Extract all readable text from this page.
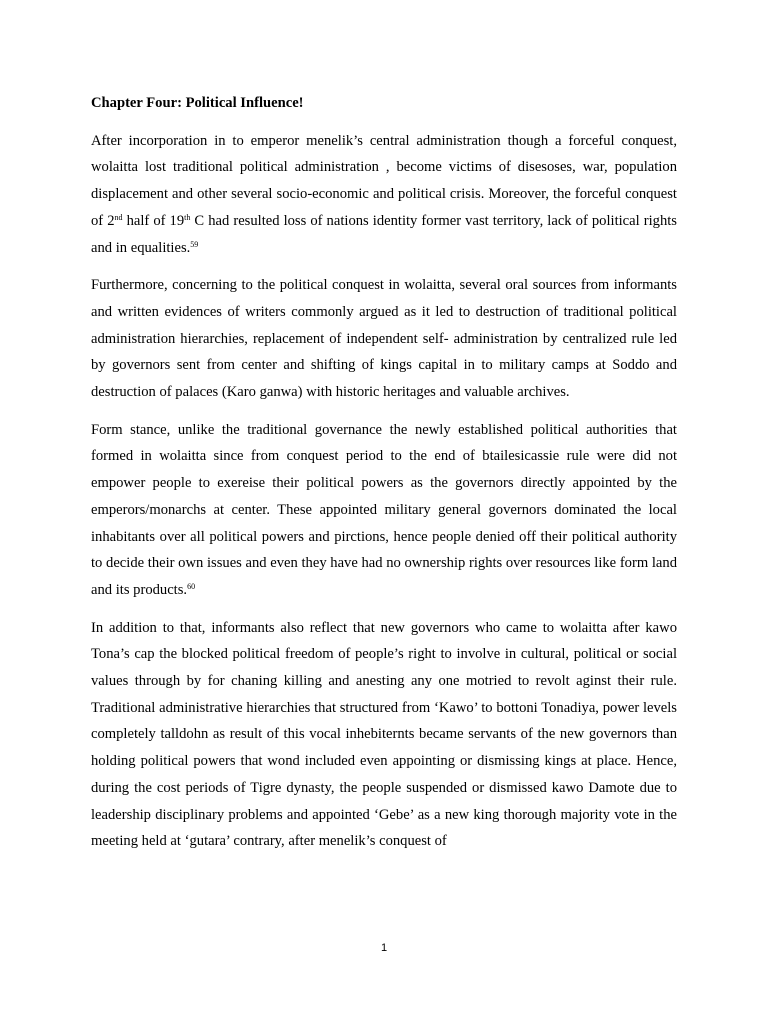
Chapter Four: Political Influence!

After incorporation in to emperor menelik’s central administration though a forceful conquest, wolaitta lost traditional political administration , become victims of disesoses, war, population displacement and other several socio-economic and political crisis. Moreover, the forceful conquest of 2nd half of 19th C had resulted loss of nations identity former vast territory, lack of political rights and in equalities.$^{59}$

Furthermore, concerning to the political conquest in wolaitta, several oral sources from informants and written evidences of writers commonly argued as it led to destruction of traditional political administration hierarchies, replacement of independent self- administration by centralized rule led by governors sent from center and shifting of kings capital in to military camps at Soddo and destruction of palaces (Karo ganwa) with historic heritages and valuable archives.

Form stance, unlike the traditional governance the newly established political authorities that formed in wolaitta since from conquest period to the end of btailesicassie rule were did not empower people to exereise their political powers as the governors directly appointed by the emperors/monarchs at center. These appointed military general governors dominated the local inhabitants over all political powers and pirctions, hence people denied off their political authority to decide their own issues and even they have had no ownership rights over resources like form land and its products.$^{60}$

In addition to that, informants also reflect that new governors who came to wolaitta after kawo Tona’s cap the blocked political freedom of people’s right to involve in cultural, political or social values through by for chaning killing and anesting any one motried to revolt aginst their rule. Traditional administrative hierarchies that structured from ‘Kawo’ to bottoni Tonadiya, power levels completely talldohn as result of this vocal inhebiternts became servants of the new governors than holding political powers that wond included even appointing or dismissing kings at place. Hence, during the cost periods of Tigre dynasty, the people suspended or dismissed kawo Damote due to leadership disciplinary problems and appointed ‘Gebe’ as a new king thorough majority vote in the meeting held at ‘gutara’ contrary, after menelik’s conquest of

1
